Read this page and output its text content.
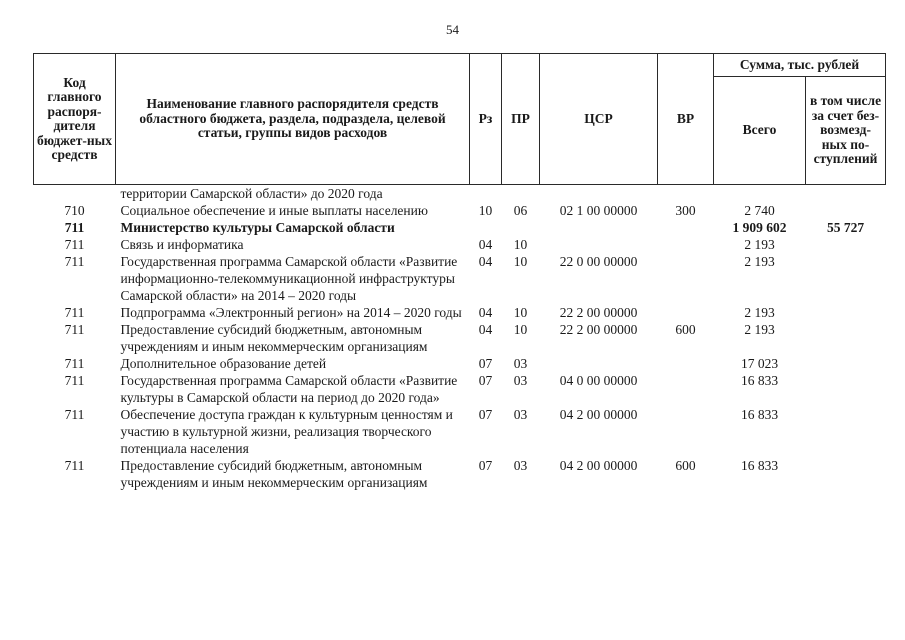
54
Код главного распоря-дителя бюджет-ных средств	Наименование главного распорядителя средств областного бюджета, раздела, подраздела, целевой статьи, группы видов расходов	Рз	ПР	ЦСР	ВР	Сумма, тыс. рублей	
						Всего	в том числе за счет без-возмезд-ных по-ступлений
	территории Самарской области» до 2020 года						
710	Социальное обеспечение и иные выплаты населению	10	06	02 1 00 00000	300	2 740	
711	Министерство культуры Самарской области					1 909 602	55 727
711	Связь и информатика	04	10			2 193	
711	Государственная программа Самарской области «Развитие информационно-телекоммуникационной инфраструктуры Самарской области» на 2014 – 2020 годы	04	10	22 0 00 00000		2 193	
711	Подпрограмма «Электронный регион» на 2014 – 2020 годы	04	10	22 2 00 00000		2 193	
711	Предоставление субсидий бюджетным, автономным учреждениям и иным некоммерческим организациям	04	10	22 2 00 00000	600	2 193	
711	Дополнительное образование детей	07	03			17 023	
711	Государственная программа Самарской области «Развитие культуры в Самарской области на период до 2020 года»	07	03	04 0 00 00000		16 833	
711	Обеспечение доступа граждан к культурным ценностям и участию в культурной жизни, реализация творческого потенциала населения	07	03	04 2 00 00000		16 833	
711	Предоставление субсидий бюджетным, автономным учреждениям и иным некоммерческим организациям	07	03	04 2 00 00000	600	16 833	
